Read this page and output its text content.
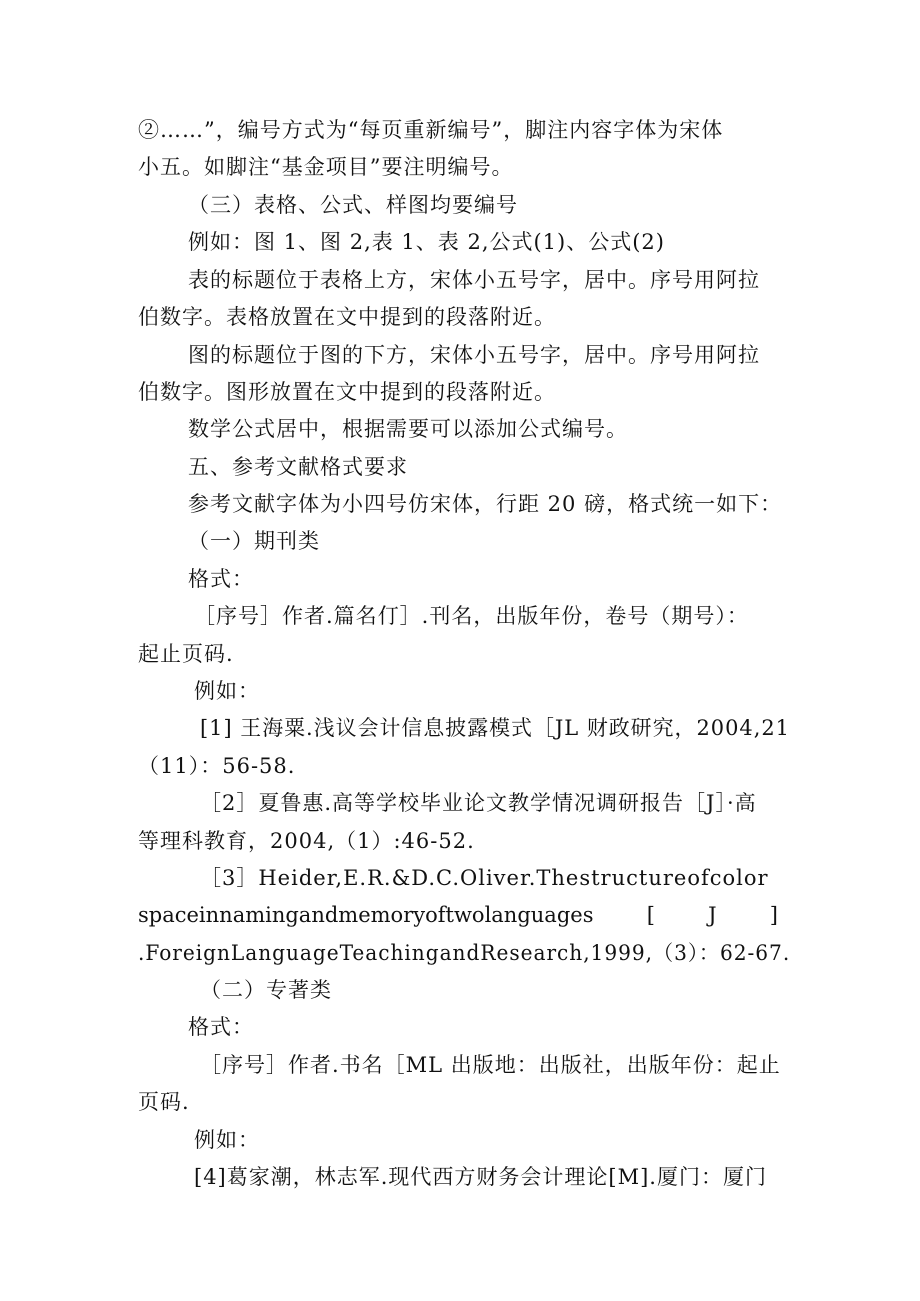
②……”，编号方式为“每页重新编号”，脚注内容字体为宋体
小五。如脚注“基金项目”要注明编号。
（三）表格、公式、样图均要编号
例如：图 1、图 2,表 1、表 2,公式(1)、公式(2)
表的标题位于表格上方，宋体小五号字，居中。序号用阿拉
伯数字。表格放置在文中提到的段落附近。
图的标题位于图的下方，宋体小五号字，居中。序号用阿拉
伯数字。图形放置在文中提到的段落附近。
数学公式居中，根据需要可以添加公式编号。
五、参考文献格式要求
参考文献字体为小四号仿宋体，行距 20 磅，格式统一如下：
（一）期刊类
格式：
［序号］作者.篇名仃］.刊名，出版年份，卷号（期号）：
起止页码.
例如：
[1] 王海粟.浅议会计信息披露模式［JL 财政研究，2004,21
（11）：56-58.
［2］夏鲁惠.高等学校毕业论文教学情况调研报告［J］·高
等理科教育，2004,（1）:46-52.
［3］Heider,E.R.&D.C.Oliver.Thestructureofcolor
spaceinnamingandmemoryoftwolanguages	[	J	]
.ForeignLanguageTeachingandResearch,1999,（3）：62-67.
（二）专著类
格式：
［序号］作者.书名［ML 出版地：出版社，出版年份：起止
页码.
例如：
[4]葛家潮，林志军.现代西方财务会计理论[M].厦门：厦门
